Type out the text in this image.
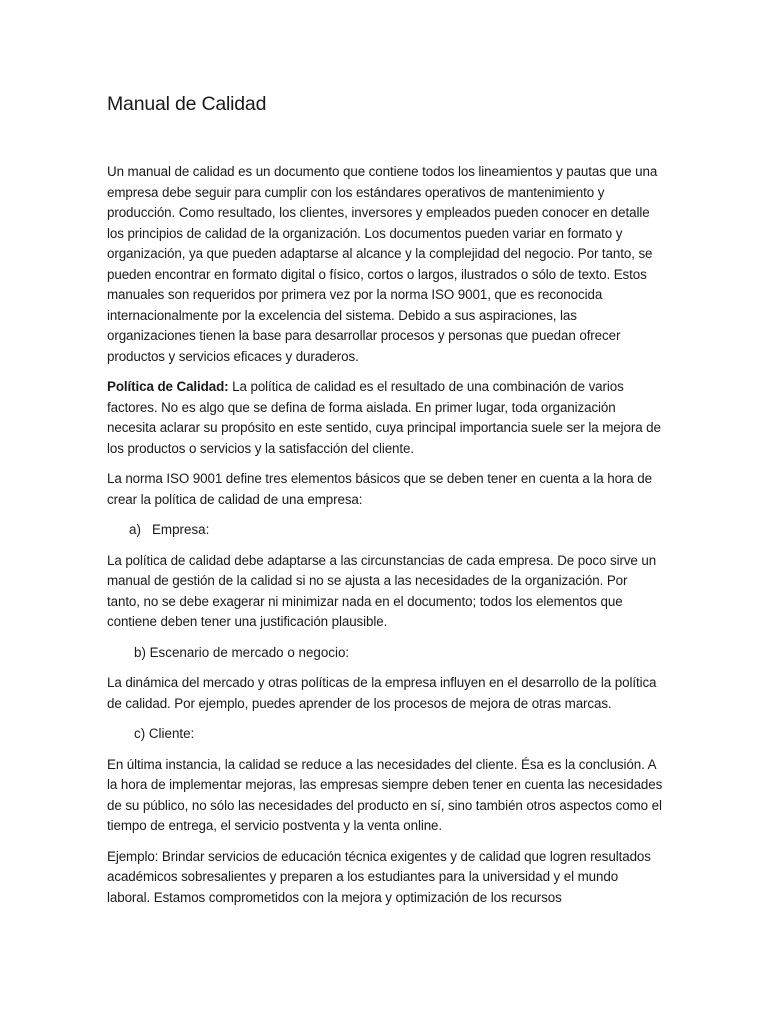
Manual de Calidad

Un manual de calidad es un documento que contiene todos los lineamientos y pautas que una empresa debe seguir para cumplir con los estándares operativos de mantenimiento y producción. Como resultado, los clientes, inversores y empleados pueden conocer en detalle los principios de calidad de la organización. Los documentos pueden variar en formato y organización, ya que pueden adaptarse al alcance y la complejidad del negocio. Por tanto, se pueden encontrar en formato digital o físico, cortos o largos, ilustrados o sólo de texto. Estos manuales son requeridos por primera vez por la norma ISO 9001, que es reconocida internacionalmente por la excelencia del sistema. Debido a sus aspiraciones, las organizaciones tienen la base para desarrollar procesos y personas que puedan ofrecer productos y servicios eficaces y duraderos.

Política de Calidad: La política de calidad es el resultado de una combinación de varios factores. No es algo que se defina de forma aislada. En primer lugar, toda organización necesita aclarar su propósito en este sentido, cuya principal importancia suele ser la mejora de los productos o servicios y la satisfacción del cliente.

La norma ISO 9001 define tres elementos básicos que se deben tener en cuenta a la hora de crear la política de calidad de una empresa:

a) Empresa:

La política de calidad debe adaptarse a las circunstancias de cada empresa. De poco sirve un manual de gestión de la calidad si no se ajusta a las necesidades de la organización. Por tanto, no se debe exagerar ni minimizar nada en el documento; todos los elementos que contiene deben tener una justificación plausible.

b) Escenario de mercado o negocio:

La dinámica del mercado y otras políticas de la empresa influyen en el desarrollo de la política de calidad. Por ejemplo, puedes aprender de los procesos de mejora de otras marcas.

c) Cliente:

En última instancia, la calidad se reduce a las necesidades del cliente. Ésa es la conclusión. A la hora de implementar mejoras, las empresas siempre deben tener en cuenta las necesidades de su público, no sólo las necesidades del producto en sí, sino también otros aspectos como el tiempo de entrega, el servicio postventa y la venta online.

Ejemplo: Brindar servicios de educación técnica exigentes y de calidad que logren resultados académicos sobresalientes y preparen a los estudiantes para la universidad y el mundo laboral. Estamos comprometidos con la mejora y optimización de los recursos
